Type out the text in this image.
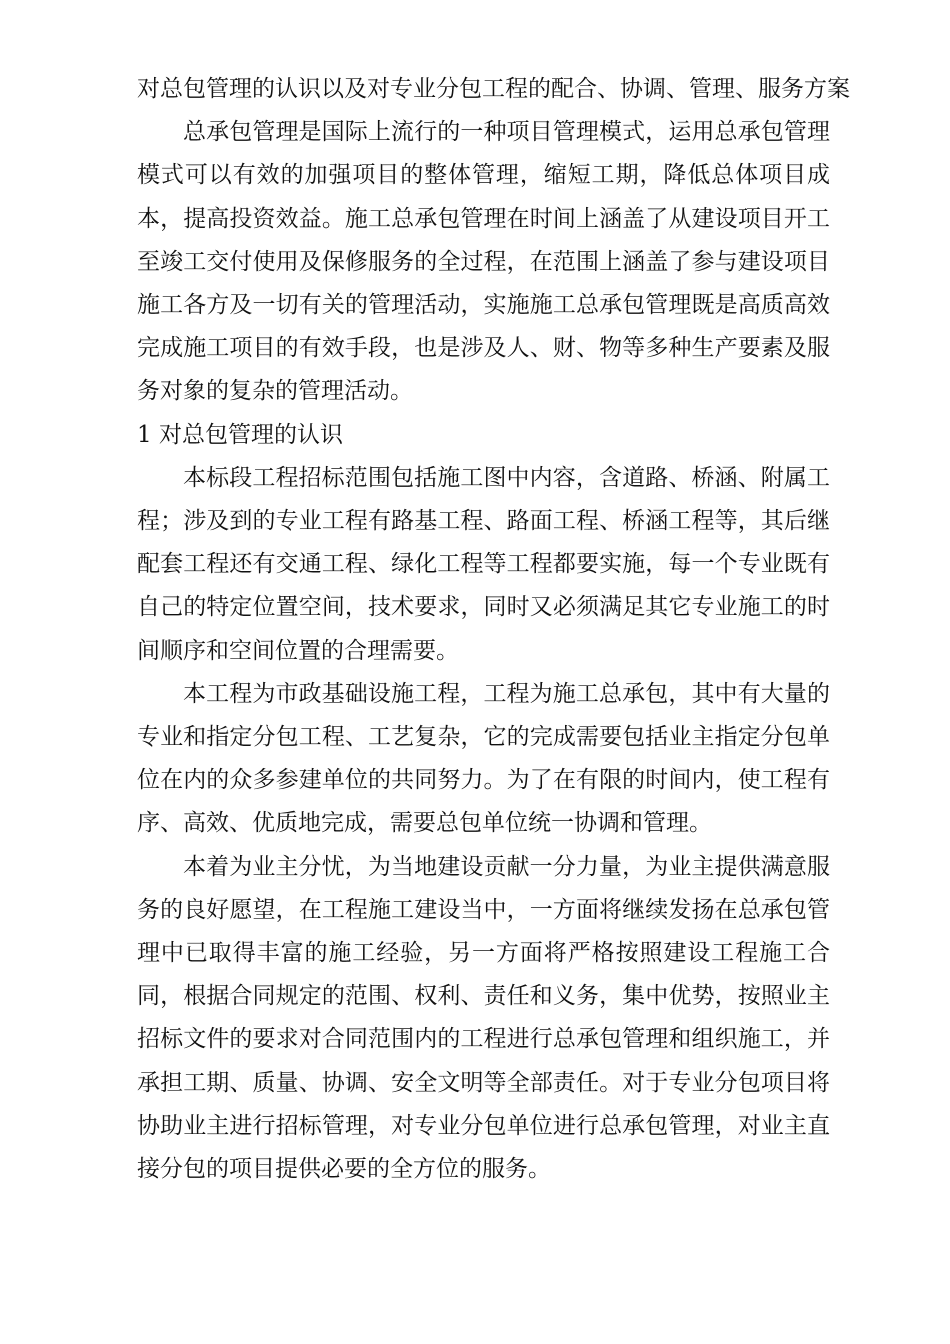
对总包管理的认识以及对专业分包工程的配合、协调、管理、服务方案

总承包管理是国际上流行的一种项目管理模式，运用总承包管理模式可以有效的加强项目的整体管理，缩短工期，降低总体项目成本，提高投资效益。施工总承包管理在时间上涵盖了从建设项目开工至竣工交付使用及保修服务的全过程，在范围上涵盖了参与建设项目施工各方及一切有关的管理活动，实施施工总承包管理既是高质高效完成施工项目的有效手段，也是涉及人、财、物等多种生产要素及服务对象的复杂的管理活动。

1 对总包管理的认识

本标段工程招标范围包括施工图中内容，含道路、桥涵、附属工程；涉及到的专业工程有路基工程、路面工程、桥涵工程等，其后继配套工程还有交通工程、绿化工程等工程都要实施，每一个专业既有自己的特定位置空间，技术要求，同时又必须满足其它专业施工的时间顺序和空间位置的合理需要。

本工程为市政基础设施工程，工程为施工总承包，其中有大量的专业和指定分包工程、工艺复杂，它的完成需要包括业主指定分包单位在内的众多参建单位的共同努力。为了在有限的时间内，使工程有序、高效、优质地完成，需要总包单位统一协调和管理。

本着为业主分忧，为当地建设贡献一分力量，为业主提供满意服务的良好愿望，在工程施工建设当中，一方面将继续发扬在总承包管理中已取得丰富的施工经验，另一方面将严格按照建设工程施工合同，根据合同规定的范围、权利、责任和义务，集中优势，按照业主招标文件的要求对合同范围内的工程进行总承包管理和组织施工，并承担工期、质量、协调、安全文明等全部责任。对于专业分包项目将协助业主进行招标管理，对专业分包单位进行总承包管理，对业主直接分包的项目提供必要的全方位的服务。
